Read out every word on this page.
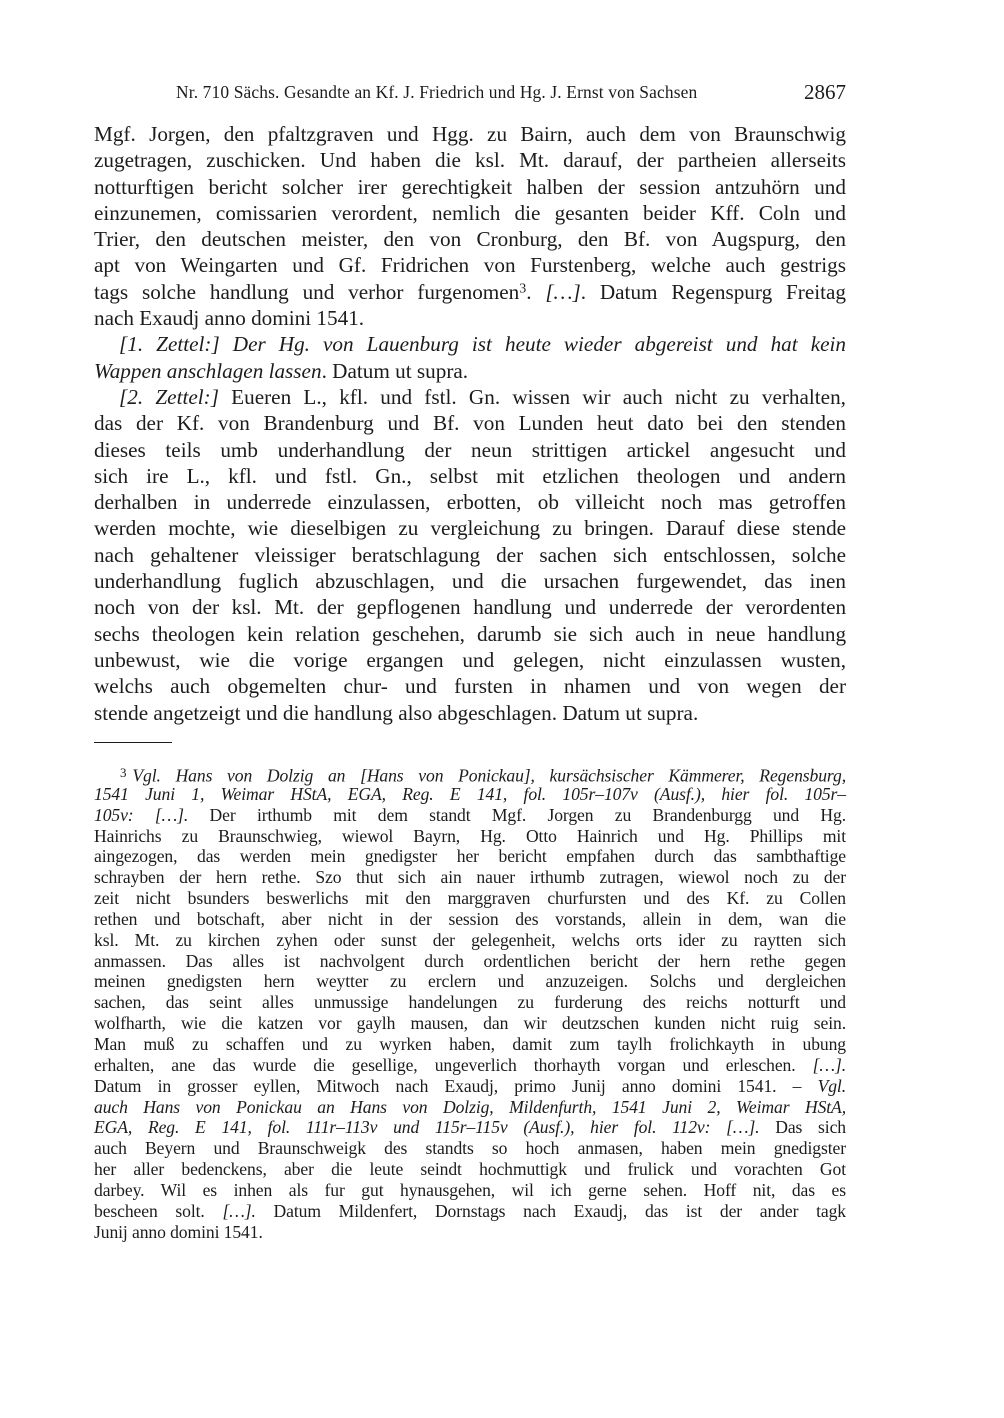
Nr. 710 Sächs. Gesandte an Kf. J. Friedrich und Hg. J. Ernst von Sachsen	2867
Mgf. Jorgen, den pfaltzgraven und Hgg. zu Bairn, auch dem von Braunschwig
zugetragen, zuschicken. Und haben die ksl. Mt. darauf, der partheien allerseits
notturftigen bericht solcher irer gerechtigkeit halben der session antzuhörn und
einzunemen, comissarien verordent, nemlich die gesanten beider Kff. Coln und
Trier, den deutschen meister, den von Cronburg, den Bf. von Augspurg, den
apt von Weingarten und Gf. Fridrichen von Furstenberg, welche auch gestrigs
tags solche handlung und verhor furgenomen$^3$. […]. Datum Regenspurg Freitag
nach Exaudj anno domini 1541.
[1. Zettel:] Der Hg. von Lauenburg ist heute wieder abgereist und hat kein
Wappen anschlagen lassen. Datum ut supra.
[2. Zettel:] Eueren L., kfl. und fstl. Gn. wissen wir auch nicht zu verhalten,
das der Kf. von Brandenburg und Bf. von Lunden heut dato bei den stenden
dieses teils umb underhandlung der neun strittigen artickel angesucht und
sich ire L., kfl. und fstl. Gn., selbst mit etzlichen theologen und andern
derhalben in underrede einzulassen, erbotten, ob villeicht noch mas getroffen
werden mochte, wie dieselbigen zu vergleichung zu bringen. Darauf diese stende
nach gehaltener vleissiger beratschlagung der sachen sich entschlossen, solche
underhandlung fuglich abzuschlagen, und die ursachen furgewendet, das inen
noch von der ksl. Mt. der gepflogenen handlung und underrede der verordenten
sechs theologen kein relation geschehen, darumb sie sich auch in neue handlung
unbewust, wie die vorige ergangen und gelegen, nicht einzulassen wusten,
welchs auch obgemelten chur- und fursten in nhamen und von wegen der
stende angetzeigt und die handlung also abgeschlagen. Datum ut supra.
$^3$ Vgl. Hans von Dolzig an [Hans von Ponickau], kursächsischer Kämmerer, Regensburg,
1541 Juni 1, Weimar HStA, EGA, Reg. E 141, fol. 105r–107v (Ausf.), hier fol. 105r–
105v: […]. Der irthumb mit dem standt Mgf. Jorgen zu Brandenburgg und Hg.
Hainrichs zu Braunschwieg, wiewol Bayrn, Hg. Otto Hainrich und Hg. Phillips mit
aingezogen, das werden mein gnedigster her bericht empfahen durch das sambthaftige
schrayben der hern rethe. Szo thut sich ain nauer irthumb zutragen, wiewol noch zu der
zeit nicht bsunders beswerlichs mit den marggraven churfursten und des Kf. zu Collen
rethen und botschaft, aber nicht in der session des vorstands, allein in dem, wan die
ksl. Mt. zu kirchen zyhen oder sunst der gelegenheit, welchs orts ider zu raytten sich
anmassen. Das alles ist nachvolgent durch ordentlichen bericht der hern rethe gegen
meinen gnedigsten hern weytter zu erclern und anzuzeigen. Solchs und dergleichen
sachen, das seint alles unmussige handelungen zu furderung des reichs notturft und
wolfharth, wie die katzen vor gaylh mausen, dan wir deutzschen kunden nicht ruig sein.
Man muß zu schaffen und zu wyrken haben, damit zum taylh frolichkayth in ubung
erhalten, ane das wurde die gesellige, ungeverlich thorhayth vorgan und erleschen. […].
Datum in grosser eyllen, Mitwoch nach Exaudj, primo Junij anno domini 1541. – Vgl.
auch Hans von Ponickau an Hans von Dolzig, Mildenfurth, 1541 Juni 2, Weimar HStA,
EGA, Reg. E 141, fol. 111r–113v und 115r–115v (Ausf.), hier fol. 112v: […]. Das sich
auch Beyern und Braunschweigk des standts so hoch anmasen, haben mein gnedigster
her aller bedenckens, aber die leute seindt hochmuttigk und frulick und vorachten Got
darbey. Wil es inhen als fur gut hynausgehen, wil ich gerne sehen. Hoff nit, das es
bescheen solt. […]. Datum Mildenfert, Dornstags nach Exaudj, das ist der ander tagk
Junij anno domini 1541.
